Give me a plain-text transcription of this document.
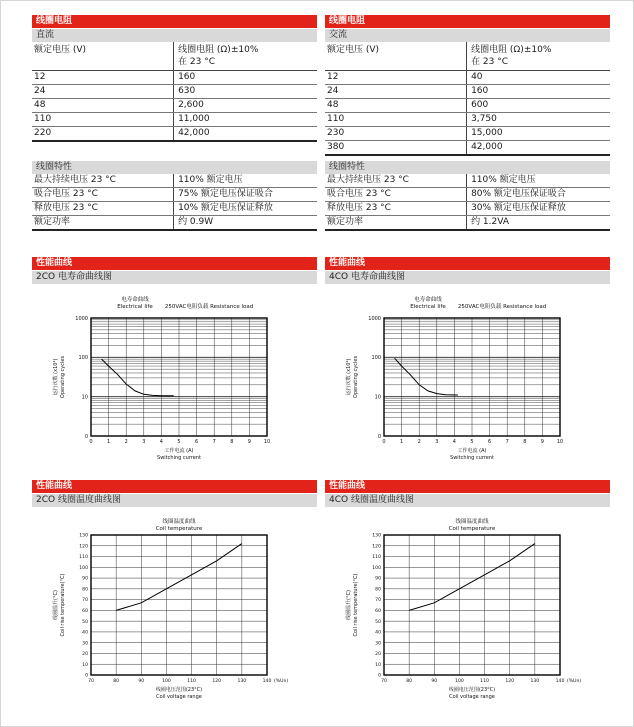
线圈电阻
直流
额定电压 (V)	线圈电阻 (Ω)±10%
在 23 °C
12	160
24	630
48	2,600
110	11,000
220	42,000
线圈特性
最大持续电压 23 °C	110% 额定电压
吸合电压 23 °C	75% 额定电压保证吸合
释放电压 23 °C	10% 额定电压保证释放
额定功率	约 0.9W
线圈电阻
交流
额定电压 (V)	线圈电阻 (Ω)±10%
在 23 °C
12	40
24	160
48	600
110	3,750
230	15,000
380	42,000
线圈特性
最大持续电压 23 °C	110% 额定电压
吸合电压 23 °C	80% 额定电压保证吸合
释放电压 23 °C	30% 额定电压保证释放
额定功率	约 1.2VA
性能曲线
2CO 电寿命曲线图
0	1	2	3	4	5	6	7	8	9	10
1000
100
10
0
电寿命曲线
Electrical life 250VAC电阻负载 Resistance load
运行次数 (x10⁴) Operating cycles
工作电流 (A)
Switching current
性能曲线
4CO 电寿命曲线图
0	1	2	3	4	5	6	7	8	9	10
1000
100
10
0
电寿命曲线
Electrical life 250VAC电阻负载 Resistance load
运行次数 (x10⁴) Operating cycles
工作电流 (A)
Switching current
性能曲线
2CO 线圈温度曲线图
70	80	90	100	110	120	130	140 (%Un)
0
10
20
30
40
50
60
70
80
90
100
110
120
130
线圈温度曲线
Coil temperature
线圈温升(°C) Coil rise temperature(°C)
线圈电压范围(23°C)
Coil voltage range
性能曲线
4CO 线圈温度曲线图
70	80	90	100	110	120	130	140 (%Un)
0
10
20
30
40
50
60
70
80
90
100
110
120
130
线圈温度曲线
Coil temperature
线圈温升(°C) Coil rise temperature(°C)
线圈电压范围(23°C)
Coil voltage range
